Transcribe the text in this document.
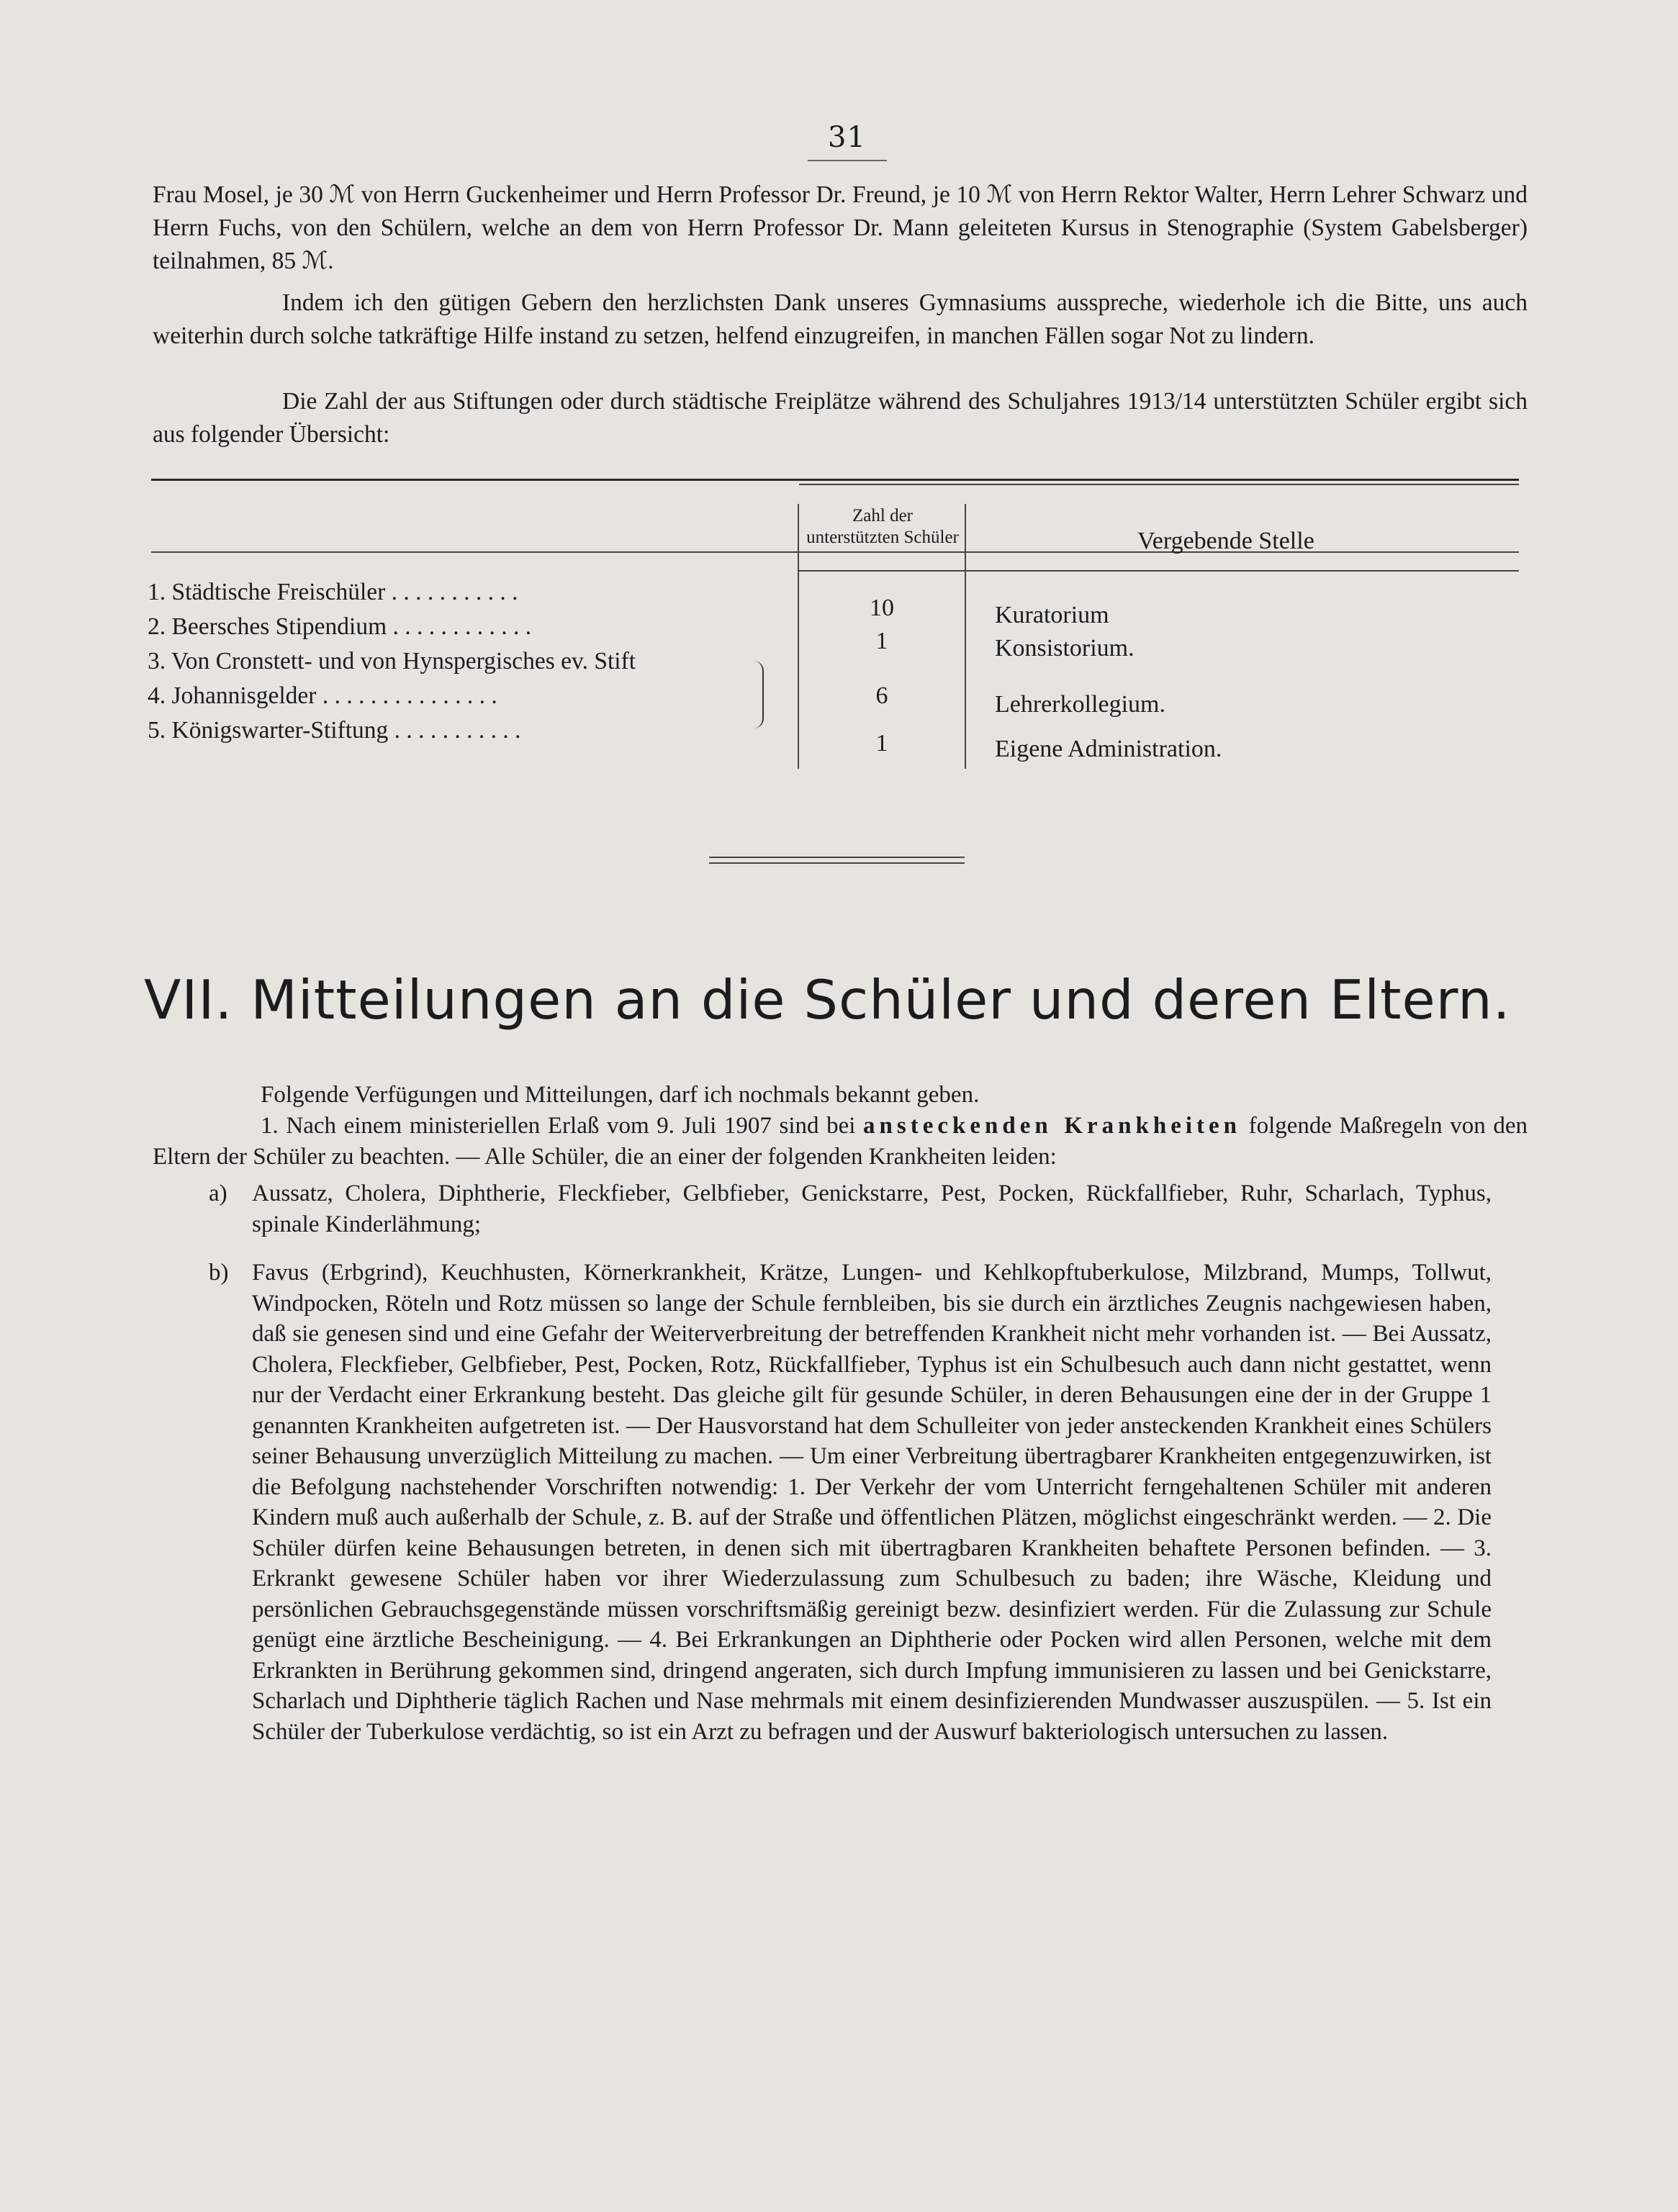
31
Frau Mosel, je 30 ℳ von Herrn Guckenheimer und Herrn Professor Dr. Freund, je 10 ℳ von Herrn Rektor Walter, Herrn Lehrer Schwarz und Herrn Fuchs, von den Schülern, welche an dem von Herrn Professor Dr. Mann geleiteten Kursus in Stenographie (System Gabelsberger) teilnahmen, 85 ℳ.
Indem ich den gütigen Gebern den herzlichsten Dank unseres Gymnasiums ausspreche, wiederhole ich die Bitte, uns auch weiterhin durch solche tatkräftige Hilfe instand zu setzen, helfend einzugreifen, in manchen Fällen sogar Not zu lindern.
Die Zahl der aus Stiftungen oder durch städtische Freiplätze während des Schuljahres 1913/14 unterstützten Schüler ergibt sich aus folgender Übersicht:
Zahl der unterstützten Schüler	Vergebende Stelle
1. Städtische Freischüler . . . . . . . . . . .
2. Beersches Stipendium . . . . . . . . . . . .
3. Von Cronstett- und von Hynspergisches ev. Stift
4. Johannisgelder . . . . . . . . . . . . . . .
5. Königswarter-Stiftung . . . . . . . . . . .
10
1
6
1
Kuratorium
Konsistorium.
Lehrerkollegium.
Eigene Administration.
VII. Mitteilungen an die Schüler und deren Eltern.
Folgende Verfügungen und Mitteilungen, darf ich nochmals bekannt geben.
1. Nach einem ministeriellen Erlaß vom 9. Juli 1907 sind bei ansteckenden Krankheiten folgende Maßregeln von den Eltern der Schüler zu beachten. — Alle Schüler, die an einer der folgenden Krankheiten leiden:
a) Aussatz, Cholera, Diphtherie, Fleckfieber, Gelbfieber, Genickstarre, Pest, Pocken, Rückfallfieber, Ruhr, Scharlach, Typhus, spinale Kinderlähmung;
b) Favus (Erbgrind), Keuchhusten, Körnerkrankheit, Krätze, Lungen- und Kehlkopftuberkulose, Milzbrand, Mumps, Tollwut, Windpocken, Röteln und Rotz müssen so lange der Schule fernbleiben, bis sie durch ein ärztliches Zeugnis nachgewiesen haben, daß sie genesen sind und eine Gefahr der Weiterverbreitung der betreffenden Krankheit nicht mehr vorhanden ist. — Bei Aussatz, Cholera, Fleckfieber, Gelbfieber, Pest, Pocken, Rotz, Rückfallfieber, Typhus ist ein Schulbesuch auch dann nicht gestattet, wenn nur der Verdacht einer Erkrankung besteht. Das gleiche gilt für gesunde Schüler, in deren Behausungen eine der in der Gruppe 1 genannten Krankheiten aufgetreten ist. — Der Hausvorstand hat dem Schulleiter von jeder ansteckenden Krankheit eines Schülers seiner Behausung unverzüglich Mitteilung zu machen. — Um einer Verbreitung übertragbarer Krankheiten entgegenzuwirken, ist die Befolgung nachstehender Vorschriften notwendig: 1. Der Verkehr der vom Unterricht ferngehaltenen Schüler mit anderen Kindern muß auch außerhalb der Schule, z. B. auf der Straße und öffentlichen Plätzen, möglichst eingeschränkt werden. — 2. Die Schüler dürfen keine Behausungen betreten, in denen sich mit übertragbaren Krankheiten behaftete Personen befinden. — 3. Erkrankt gewesene Schüler haben vor ihrer Wiederzulassung zum Schulbesuch zu baden; ihre Wäsche, Kleidung und persönlichen Gebrauchsgegenstände müssen vorschriftsmäßig gereinigt bezw. desinfiziert werden. Für die Zulassung zur Schule genügt eine ärztliche Bescheinigung. — 4. Bei Erkrankungen an Diphtherie oder Pocken wird allen Personen, welche mit dem Erkrankten in Berührung gekommen sind, dringend angeraten, sich durch Impfung immunisieren zu lassen und bei Genickstarre, Scharlach und Diphtherie täglich Rachen und Nase mehrmals mit einem desinfizierenden Mundwasser auszuspülen. — 5. Ist ein Schüler der Tuberkulose verdächtig, so ist ein Arzt zu befragen und der Auswurf bakteriologisch untersuchen zu lassen.
